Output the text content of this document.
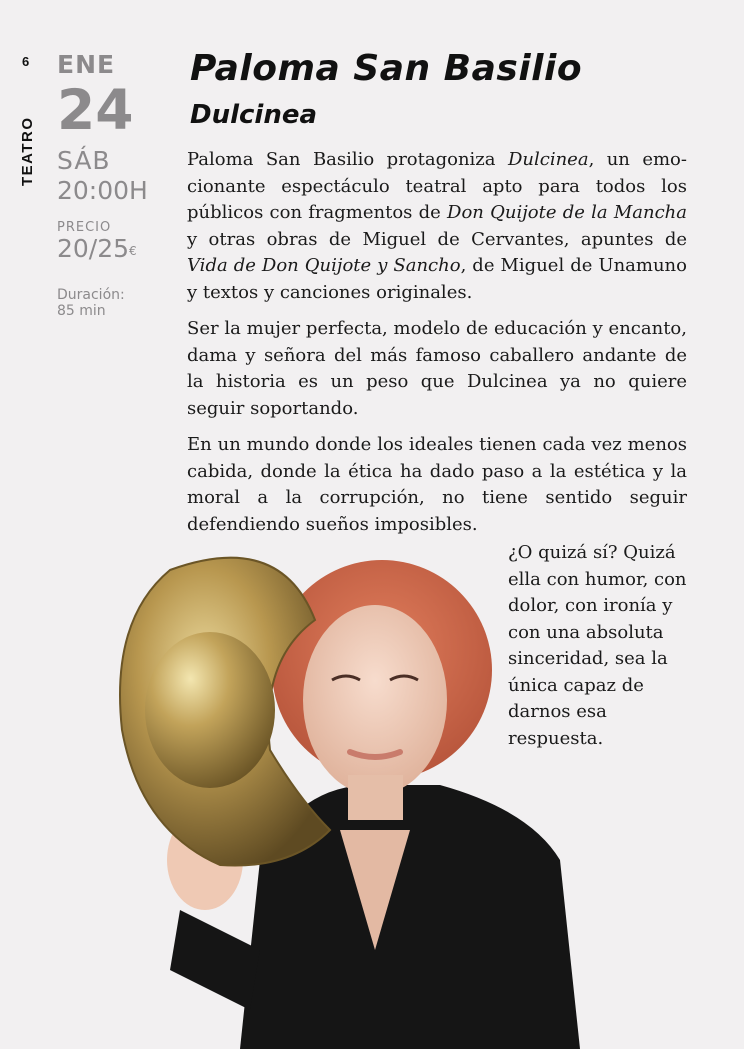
6
TEATRO
ENE
24
SÁB
20:00H
PRECIO
20/25€
Duración:
85 min
Paloma San Basilio
Dulcinea

Paloma San Basilio protagoniza Dulcinea, un emocionante espectáculo teatral apto para todos los públicos con fragmentos de Don Quijote de la Mancha y otras obras de Miguel de Cervantes, apuntes de Vida de Don Quijote y Sancho, de Miguel de Unamuno y textos y canciones originales.

Ser la mujer perfecta, modelo de educación y encanto, dama y señora del más famoso caballero andante de la historia es un peso que Dulcinea ya no quiere seguir soportando.

En un mundo donde los ideales tienen cada vez menos cabida, donde la ética ha dado paso a la estética y la moral a la corrupción, no tiene sentido seguir defendiendo sueños imposibles.

¿O quizá sí? Quizá ella con humor, con dolor, con ironía y con una absoluta sinceridad, sea la única capaz de darnos esa respuesta.
